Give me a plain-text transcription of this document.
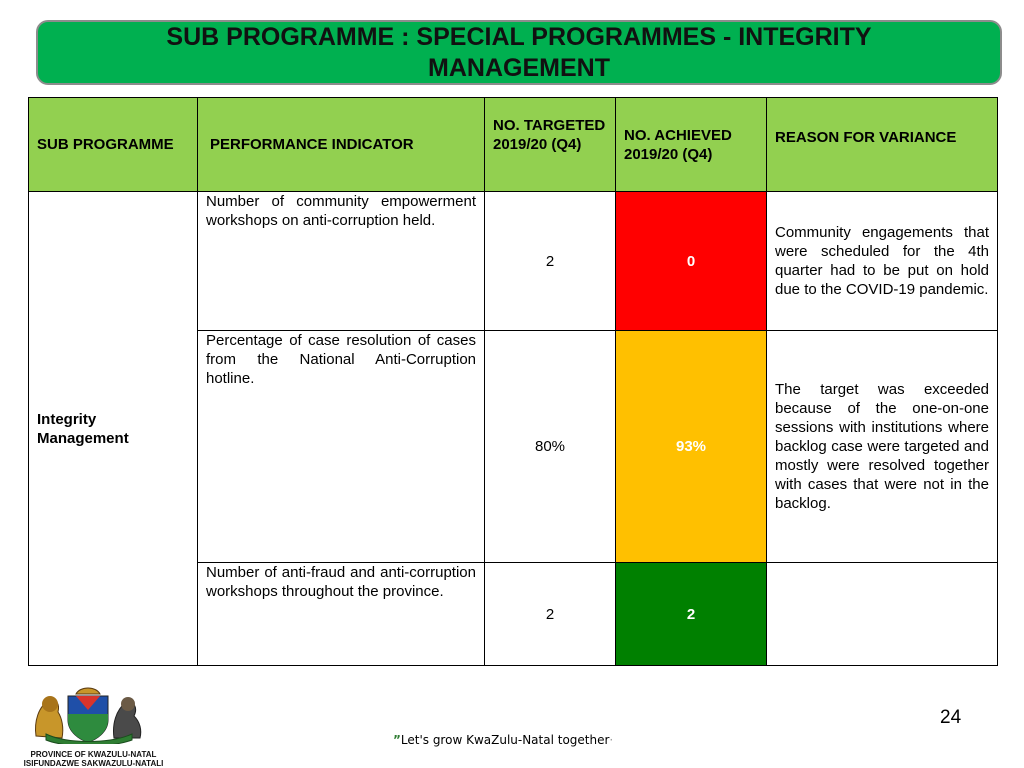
SUB PROGRAMME : SPECIAL PROGRAMMES - INTEGRITY MANAGEMENT
SUB PROGRAMME	PERFORMANCE INDICATOR	NO. TARGETED 2019/20 (Q4)	NO. ACHIEVED 2019/20 (Q4)	REASON FOR VARIANCE
Integrity Management	Number of community empowerment workshops on anti-corruption held.	2	0	Community engagements that were scheduled for the 4th quarter had to be put on hold due to the COVID-19 pandemic.
	Percentage of case resolution of cases from the National Anti-Corruption hotline.	80%	93%	The target was exceeded because of the one-on-one sessions with institutions where backlog case were targeted and mostly were resolved together with cases that were not in the backlog.
	Number of anti-fraud and anti-corruption workshops throughout the province.	2	2	
PROVINCE OF KWAZULU-NATAL
ISIFUNDAZWE SAKWAZULU-NATALI
”Let's grow KwaZulu-Natal together·
24
